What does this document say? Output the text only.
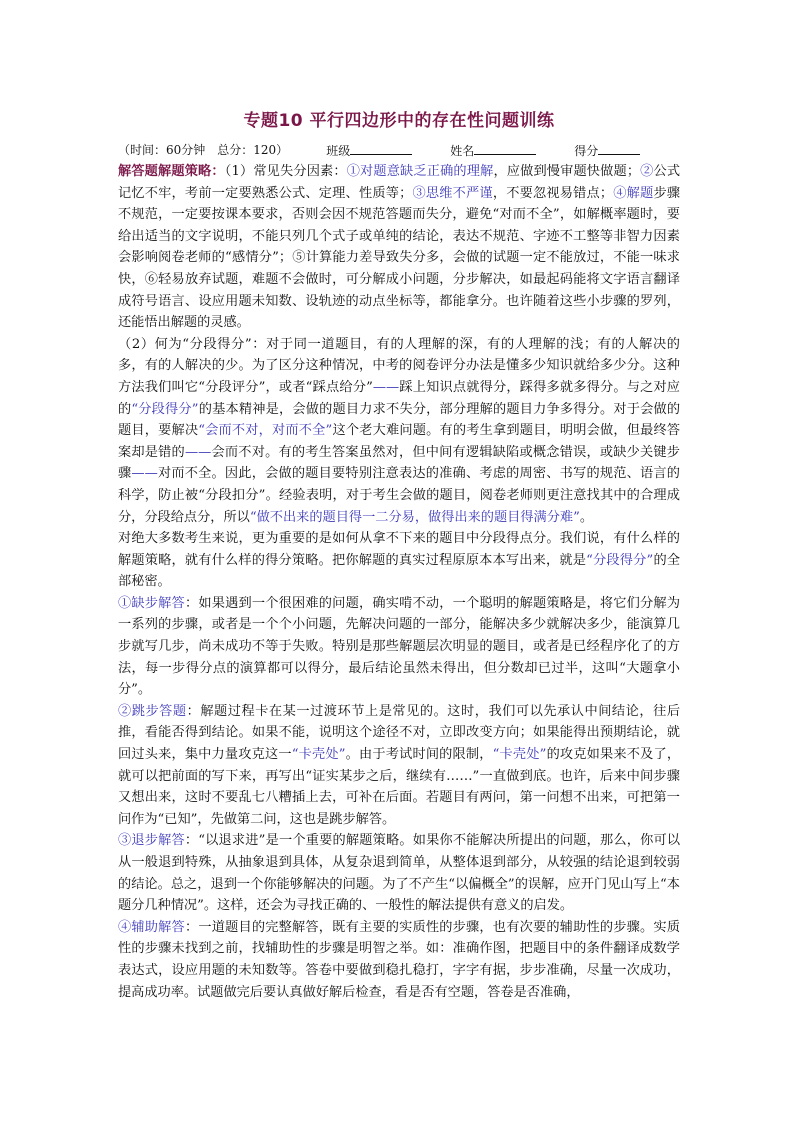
专题10 平行四边形中的存在性问题训练
（时间：60分钟　总分：120）	班级	姓名	得分

解答题解题策略：（1）常见失分因素：①对题意缺乏正确的理解，应做到慢审题快做题；②公式记忆不牢，考前一定要熟悉公式、定理、性质等；③思维不严谨，不要忽视易错点；④解题步骤不规范，一定要按课本要求，否则会因不规范答题而失分，避免“对而不全”，如解概率题时，要给出适当的文字说明，不能只列几个式子或单纯的结论，表达不规范、字迹不工整等非智力因素会影响阅卷老师的“感情分”；⑤计算能力差导致失分多，会做的试题一定不能放过，不能一味求快，⑥轻易放弃试题，难题不会做时，可分解成小问题，分步解决，如最起码能将文字语言翻译成符号语言、设应用题未知数、设轨迹的动点坐标等，都能拿分。也许随着这些小步骤的罗列，还能悟出解题的灵感。

（2）何为“分段得分”：对于同一道题目，有的人理解的深，有的人理解的浅；有的人解决的多，有的人解决的少。为了区分这种情况，中考的阅卷评分办法是懂多少知识就给多少分。这种方法我们叫它“分段评分”，或者“踩点给分”——踩上知识点就得分，踩得多就多得分。与之对应的“分段得分”的基本精神是，会做的题目力求不失分，部分理解的题目力争多得分。对于会做的题目，要解决“会而不对，对而不全”这个老大难问题。有的考生拿到题目，明明会做，但最终答案却是错的——会而不对。有的考生答案虽然对，但中间有逻辑缺陷或概念错误，或缺少关键步骤——对而不全。因此，会做的题目要特别注意表达的准确、考虑的周密、书写的规范、语言的科学，防止被“分段扣分”。经验表明，对于考生会做的题目，阅卷老师则更注意找其中的合理成分，分段给点分，所以“做不出来的题目得一二分易，做得出来的题目得满分难”。

对绝大多数考生来说，更为重要的是如何从拿不下来的题目中分段得点分。我们说，有什么样的解题策略，就有什么样的得分策略。把你解题的真实过程原原本本写出来，就是“分段得分”的全部秘密。

①缺步解答：如果遇到一个很困难的问题，确实啃不动，一个聪明的解题策略是，将它们分解为一系列的步骤，或者是一个个小问题，先解决问题的一部分，能解决多少就解决多少，能演算几步就写几步，尚未成功不等于失败。特别是那些解题层次明显的题目，或者是已经程序化了的方法，每一步得分点的演算都可以得分，最后结论虽然未得出，但分数却已过半，这叫“大题拿小分”。

②跳步答题：解题过程卡在某一过渡环节上是常见的。这时，我们可以先承认中间结论，往后推，看能否得到结论。如果不能，说明这个途径不对，立即改变方向；如果能得出预期结论，就回过头来，集中力量攻克这一“卡壳处”。由于考试时间的限制，“卡壳处”的攻克如果来不及了，就可以把前面的写下来，再写出“证实某步之后，继续有……”一直做到底。也许，后来中间步骤又想出来，这时不要乱七八糟插上去，可补在后面。若题目有两问，第一问想不出来，可把第一问作为“已知”，先做第二问，这也是跳步解答。

③退步解答：“以退求进”是一个重要的解题策略。如果你不能解决所提出的问题，那么，你可以从一般退到特殊，从抽象退到具体，从复杂退到简单，从整体退到部分，从较强的结论退到较弱的结论。总之，退到一个你能够解决的问题。为了不产生“以偏概全”的误解，应开门见山写上“本题分几种情况”。这样，还会为寻找正确的、一般性的解法提供有意义的启发。

④辅助解答：一道题目的完整解答，既有主要的实质性的步骤，也有次要的辅助性的步骤。实质性的步骤未找到之前，找辅助性的步骤是明智之举。如：准确作图，把题目中的条件翻译成数学表达式，设应用题的未知数等。答卷中要做到稳扎稳打，字字有据，步步准确，尽量一次成功，提高成功率。试题做完后要认真做好解后检查，看是否有空题，答卷是否准确，
